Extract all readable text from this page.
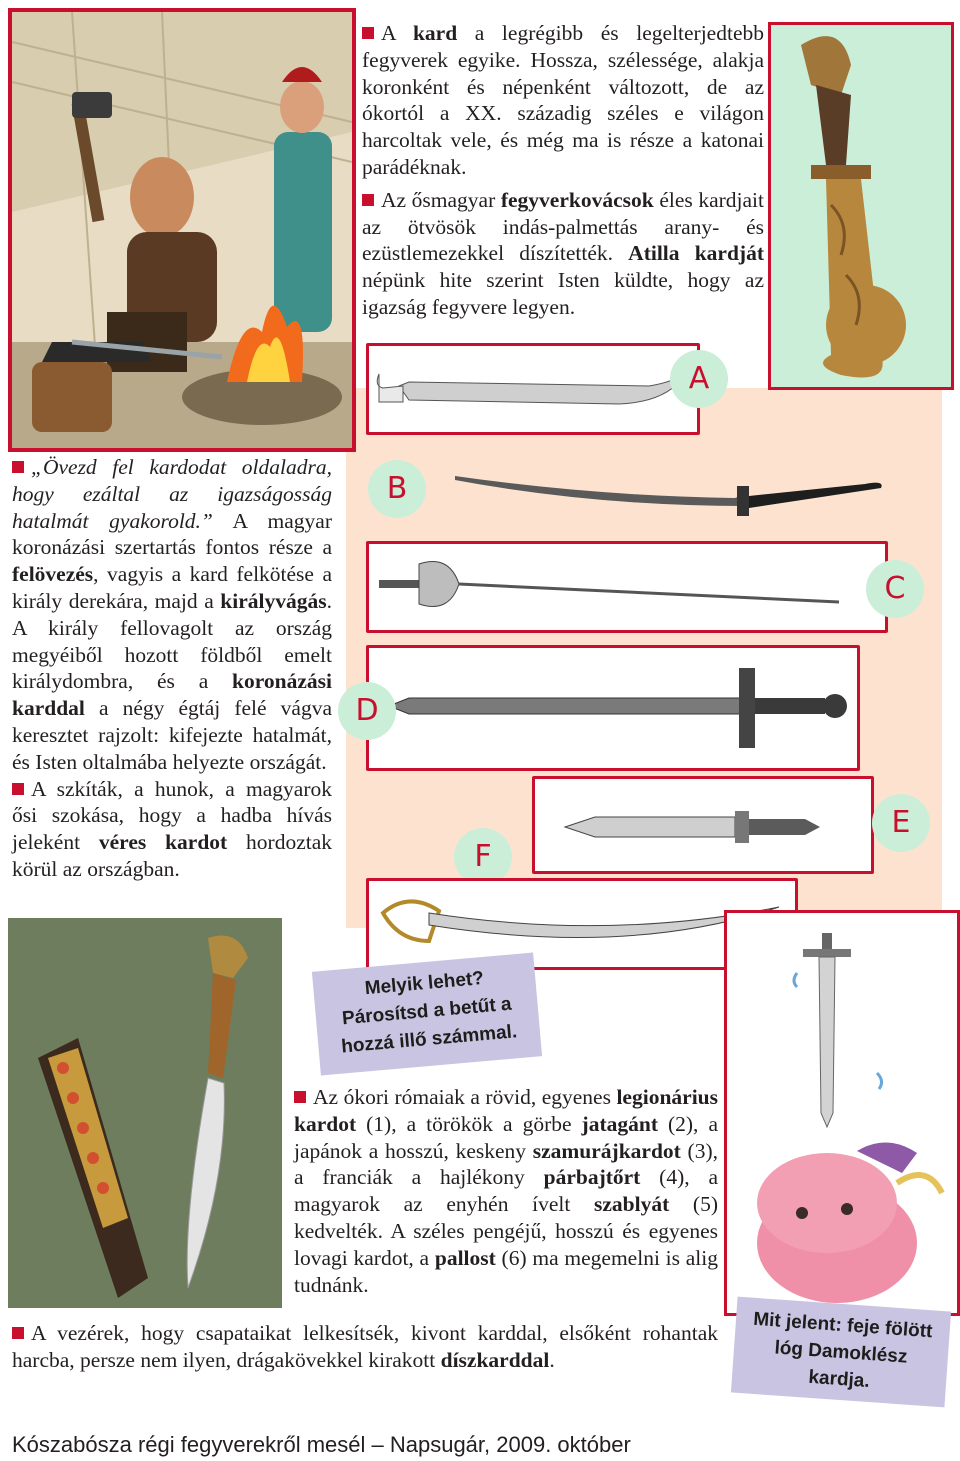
A kard a legrégibb és legelterjedtebb fegyverek egyike. Hossza, szélessége, alakja koronként és népenként változott, de az ókortól a XX. századig széles e világon harcoltak vele, és még ma is része a katonai parádéknak.

Az ősmagyar fegyverkovácsok éles kardjait az ötvösök indás-palmettás arany- és ezüstlemezekkel díszítették. Atilla kardját népünk hite szerint Isten küldte, hogy az igazság fegyvere legyen.

A
B
C
D
E
F

„Övezd fel kardodat oldaladra, hogy ezáltal az igazságosság hatalmát gyakorold.” A magyar koronázási szertartás fontos része a felövezés, vagyis a kard felkötése a király derekára, majd a királyvágás. A király fellovagolt az ország megyéiből hozott földből emelt királydombra, és a koronázási karddal a négy égtáj felé vágva keresztet rajzolt: kifejezte hatalmát, és Isten oltalmába helyezte országát.

A szkíták, a hunok, a magyarok ősi szokása, hogy a hadba hívás jeleként véres kardot hordoztak körül az országban.

Melyik lehet?
Párosítsd a betűt a
hozzá illő számmal.

Az ókori rómaiak a rövid, egyenes legionárius kardot (1), a törökök a görbe jatagánt (2), a japánok a hosszú, keskeny szamurájkardot (3), a franciák a hajlékony párbajtőrt (4), a magyarok az enyhén ívelt szablyát (5) kedvelték. A széles pengéjű, hosszú és egyenes lovagi kardot, a pallost (6) ma megemelni is alig tudnánk.

Mit jelent: feje fölött
lóg Damoklész
kardja.

A vezérek, hogy csapataikat lelkesítsék, kivont karddal, elsőként rohantak harcba, persze nem ilyen, drágakövekkel kirakott díszkarddal.

Kószabósza régi fegyverekről mesél – Napsugár, 2009. október
